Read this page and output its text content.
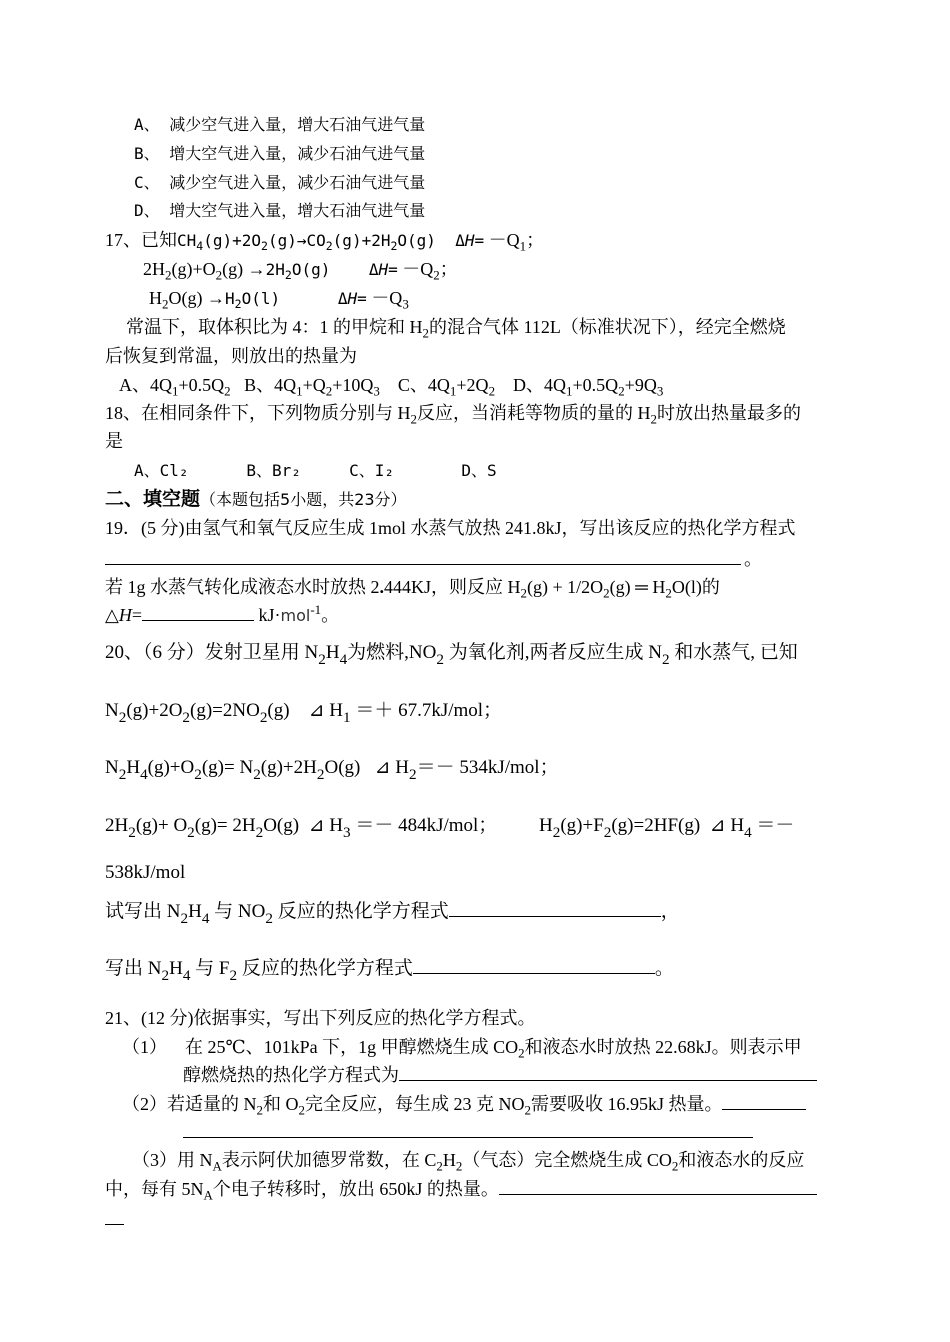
A、 减少空气进入量，增大石油气进气量
B、 增大空气进入量，减少石油气进气量
C、 减少空气进入量，减少石油气进气量
D、 增大空气进入量，增大石油气进气量
17、已知$CH_4(g)+2O_2(g)\to CO_2(g)+2H_2O(g)$  $\Delta H= -Q_1$；
$2H_2(g)+O_2(g) \to 2H_2O(g)$    $\Delta H= -Q_2$；
$H_2O(g) \to H_2O(l)$      $\Delta H= -Q_3$
常温下，取体积比为 4：1 的甲烷和 $H_2$的混合气体 112L（标准状况下），经完全燃烧
后恢复到常温，则放出的热量为
A、$4Q_1+0.5Q_2$ B、$4Q_1+Q_2+10Q_3$ C、$4Q_1+2Q_2$ D、$4Q_1+0.5Q_2+9Q_3$
18、在相同条件下，下列物质分别与 $H_2$反应，当消耗等物质的量的 $H_2$时放出热量最多的
是
A、Cl₂	B、Br₂	C、I₂	D、S
二、填空题（本题包括5小题，共23分）
19．(5 分)由氢气和氧气反应生成 1mol 水蒸气放热 241.8kJ，写出该反应的热化学方程式
。
若 1g 水蒸气转化成液态水时放热 2.444KJ，则反应 $H_2(g) + 1/2O_2(g)$ ═ $H_2O(l)$的
△H=	kJ·mol$^{-1}$。
20、（6 分）发射卫星用 $N_2H_4$为燃料$,NO_2$ 为氧化剂,两者反应生成 $N_2$ 和水蒸气, 已知
$N_2(g)+2O_2(g)=2NO_2(g)$    ⊿ $H_1 =+ 67.7kJ/mol$；
$N_2H_4(g)+O_2(g)= N_2(g)+2H_2O(g)$   ⊿ $H_2=- 534kJ/mol$；
$2H_2(g)+ O_2(g)= 2H_2O(g)$  ⊿ $H_3 =- 484kJ/mol$； $H_2(g)+F_2(g)=2HF(g)$  ⊿ $H_4$ ＝－
538kJ/mol
试写出 $N_2H_4$ 与 $NO_2$ 反应的热化学方程式	，
写出 $N_2H_4$ 与 $F_2$ 反应的热化学方程式	。
21、(12 分)依据事实，写出下列反应的热化学方程式。
（1） 在 25℃、101kPa 下，1g 甲醇燃烧生成 $CO_2$和液态水时放热 22.68kJ。则表示甲
醇燃烧热的热化学方程式为
（2）若适量的 $N_2$和 $O_2$完全反应，每生成 23 克 $NO_2$需要吸收 16.95kJ 热量。
（3）用 $N_A$表示阿伏加德罗常数，在 $C_2H_2$（气态）完全燃烧生成 $CO_2$和液态水的反应
中，每有 $5N_A$个电子转移时，放出 650kJ 的热量。
